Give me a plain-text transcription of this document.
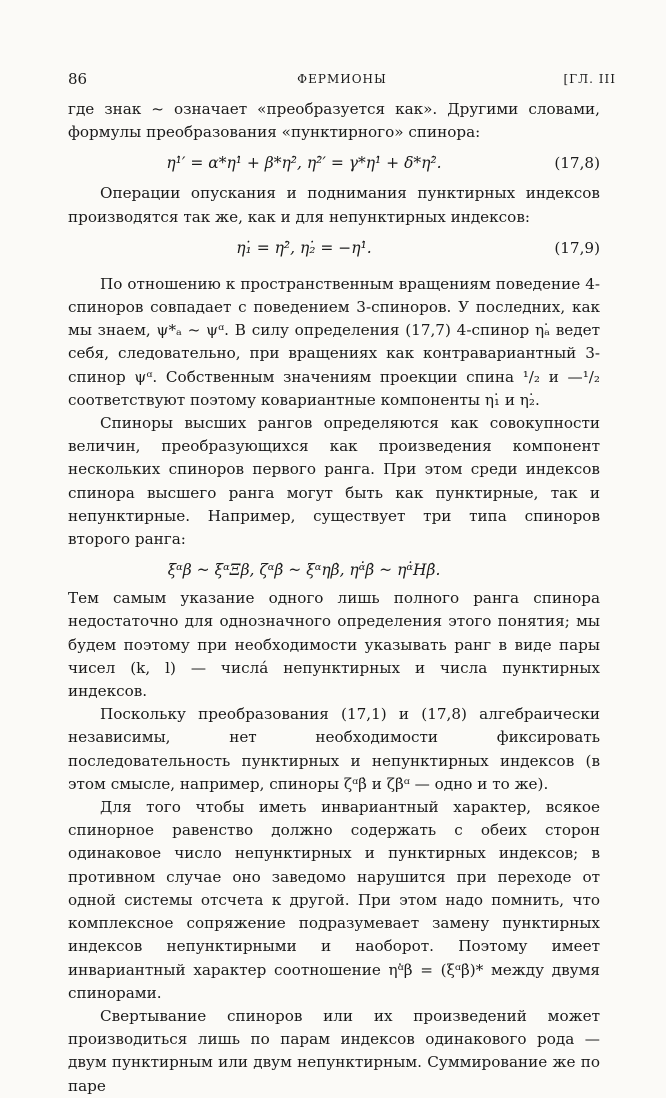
86	ФЕРМИОНЫ	[ГЛ. III

где знак ~ означает «преобразуется как». Другими словами, формулы преобразования «пунктирного» спинора:

η¹̇′ = α*η¹̇ + β*η²̇, η²̇′ = γ*η¹̇ + δ*η²̇.	(17,8)

Операции опускания и поднимания пунктирных индексов производятся так же, как и для непунктирных индексов:

η₁̇ = η²̇, η₂̇ = −η¹̇.	(17,9)

По отношению к пространственным вращениям поведение 4-спиноров совпадает с поведением 3-спиноров. У последних, как мы знаем, ψ*ₐ ~ ψᵅ. В силу определения (17,7) 4-спинор ηₐ̇ ведет себя, следовательно, при вращениях как контравариантный 3-спинор ψᵅ. Собственным значениям проекции спина ¹/₂ и —¹/₂ соответствуют поэтому ковариантные компоненты η₁̇ и η₂̇.

Спиноры высших рангов определяются как совокупности величин, преобразующихся как произведения компонент нескольких спиноров первого ранга. При этом среди индексов спинора высшего ранга могут быть как пунктирные, так и непунктирные. Например, существует три типа спиноров второго ранга:

ξᵅβ ~ ξᵅΞβ, ζᵅβ̇ ~ ξᵅηβ̇, ηᵅ̇β̇ ~ ηᵅ̇Hβ̇.

Тем самым указание одного лишь полного ранга спинора недостаточно для однозначного определения этого понятия; мы будем поэтому при необходимости указывать ранг в виде пары чисел (k, l) — числá непунктирных и числа пунктирных индексов.

Поскольку преобразования (17,1) и (17,8) алгебраически независимы, нет необходимости фиксировать последовательность пунктирных и непунктирных индексов (в этом смысле, например, спиноры ζᵅβ̇ и ζβ̇ᵅ — одно и то же).

Для того чтобы иметь инвариантный характер, всякое спинорное равенство должно содержать с обеих сторон одинаковое число непунктирных и пунктирных индексов; в противном случае оно заведомо нарушится при переходе от одной системы отсчета к другой. При этом надо помнить, что комплексное сопряжение подразумевает замену пунктирных индексов непунктирными и наоборот. Поэтому имеет инвариантный характер соотношение ηᵅ̇β = (ξᵅβ̇)* между двумя спинорами.

Свертывание спиноров или их произведений может производиться лишь по парам индексов одинакового рода — двум пунктирным или двум непунктирным. Суммирование же по паре
